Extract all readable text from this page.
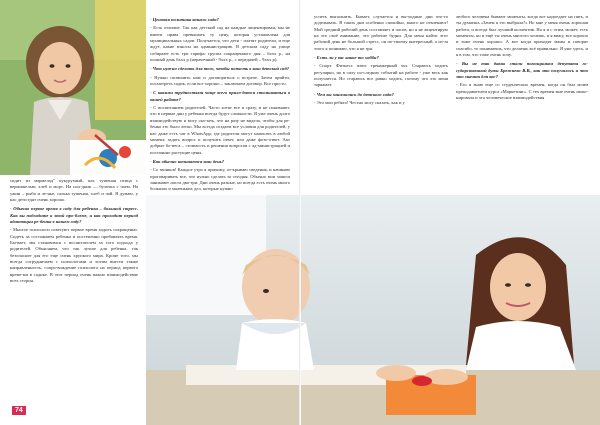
сидит из мармелад" кукурузный, шп, тушеная птица с вермишелью; хлеб и морс. На пол-дник — булочка с чаем. На ужин – рыба и ле-нье, салька тушеная, хлеб и чай. Я думаю, у нас дети едят очень хорошо.

- Обычно первое время в саду для ребенка – большой стресс. Как вы подходите к этой про-блеме, и как проходит период адаптации ре-бенка в нашем саду?

- Многое психологи советуют первое время ходить сокращенно. Сидеть за состоянием ребенка и постепенно прибавлять время. Бы-вает, мы становимся с воспитателем за того подхода у родителей. Объясняем, что так лучше для ребенка, так безопаснее для его еще очень хрупкого мира. Кроме того, мы всегда сотрудничаем с психологами и хотим внести также направленность, сопро-вождение психолога на период первого време-ни в садике. В этот период очень важно взаимодействие всех сторон.

- Ценовая политика вашего сада?

- Есть отличие. Так как детский сад на каждые лицензирован, мы не имеем права превышать ту цену, которая установлена для муниципальных садов. Получается, что дети - платят родители, и еще ждут, какие взносы на администрацию. В детском саду на улице собирают есть три тарифа: группа сокращенного дня – 6ххх р., на полный день 6ххх р (нерачечный - 9ххх р., с передачей – 9ххх р).

- Что нужно сделать для того, чтобы попасть в ваш детский сад?

- Нужно позвонить нам и договориться о встрече. Затем прийти, посмотреть садик, если все хорошо – заключаем договор. Все просто.

- С какими трудностями чаще всего прихо-дится сталкиваться в вашей работе?

- С воспитанием родителей. Часто хотят все и сразу, и не понимают, что в первые дни у ребенка всегда будут сложности. Я уже очень долго взаимодействую и могу ска-зать, что на разу не видела, чтобы для ре-бенка это было легко. Мы всегда создаем все условия для родителей, у нас даже есть чат в WhatsApp, где родители могут написать в любой момент, задать вопрос и получить ответ, или даже фото-ответ. Акт добрые бо-веса – стоимость и решения вопросов с ад-министрацией и постоянно растущие цены.

- Как обычно начинается ваш день?

- Со звонков! Каждое утро я прихожу, от-крываю сведения, и начинаю проговаривать все, что нужно сделать за сегодня. Обычно мои записи занимают листа два-три. Дни очень разные, но всегда есть очень много больших и маленьких дел, которые нужно

74

успеть выполнить. Бывает, случается и вы-ходные дни что-то доделывать. В таких дни особенно спокойно, много не отвлекают! Мой средний рабочий день составляет и часов, но я не акцентирую на это своё внимание, это рабочие будни. Для меня найти этот рабочий день не большой стресс, он по-своему интересный, а из-за этого я понимаю, что я не зря.

- Есть ли у вас какое-то хобби?

- Спорт. Фитнесс плюс тренажерный зал. Стараюсь ходить регулярно, но в силу по-следних событий на работе - уже весь как получается. Но стараюсь все равно ходить, потому что это меня заряжает.

- Чем вы занимались до детского сада?

- Это мои ребята! Честно могу сказать, как и у

любого человека бывают моменты, когда все надоедает на пять, и ты думаешь «Зачем я это выбрала?» Но мне у меня очень хорошая работа, и всегда был лучший коллектив. Но я и с этим, может, есть моменты, но и ещё ты очень многого хочешь, и я вижу, все хорошо и тоже очень хорошо. А вот когда приходят мамы и говорят спасибо, то понимаешь, что делаешь всё правильно. Я уже здесь, и я в том, что тоже очень хочу.

- Вы не так давно стали помощником депутата го-сударственной думы Брежнево В.В., как это получилось и что это значит для вас?

- Его я знаю еще со студенческих времен, когда он был моим преподавателем курса «Маркетинг». С тех времен мне очень импо-нировала и эта человеческое взаимодействия
